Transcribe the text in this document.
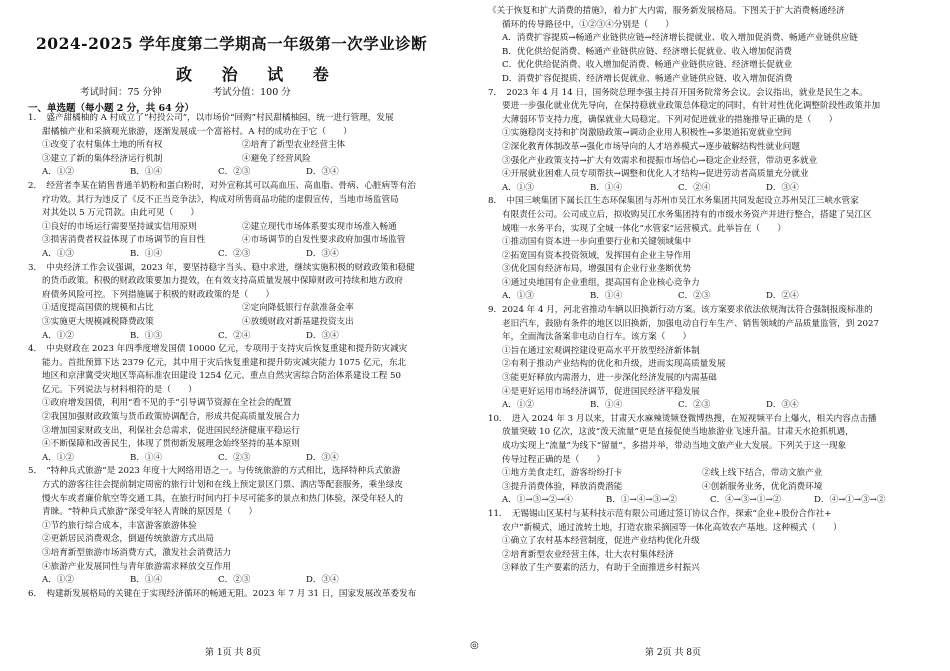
2024-2025 学年度第二学期高一年级第一次学业诊断
政 治 试 卷
考试时间：75 分钟	考试分值：100 分
一、单选题（每小题 2 分，共 64 分）

1．　盛产甜橘柚的 A 村成立了“村投公司”，以市场价“回购”村民甜橘柚园，统一进行管理，发展

甜橘柚产业和采摘观光旅游，逐渐发展成一个富裕村。A 村的成功在于它（　　）

①改变了农村集体土地的所有权	②培育了新型农业经营主体
③建立了新的集体经济运行机制	④避免了经营风险
A．①②	B．①④	C．②③	D．③④

2．　经营者李某在销售普通羊奶粉和蛋白粉时，对外宣称其可以高血压、高血脂、骨病、心脏病等有治

疗功效。其行为违反了《反不正当竞争法》，构成对所售商品功能的虚假宣传，当地市场监管局

对其处以 5 万元罚款。由此可见（　　）

①良好的市场运行需要坚持诚实信用原则	②建立现代市场体系要实现市场准入畅通
③损害消费者权益体现了市场调节的盲目性	④市场调节的自发性要求政府加强市场监管
A．①③	B．①④	C．②③	D．③④

3．　中央经济工作会议强调，2023 年，要坚持稳字当头、稳中求进，继续实施积极的财政政策和稳健

的货币政策。积极的财政政策要加力提效，在有效支持高质量发展中保障财政可持续和地方政府

府债务风险可控。下列措施属于积极的财政政策的是（　　）

①适度提高国债的规模和占比	②定向降低银行存款准备金率
③实施更大规模减税降费政策	④放缓财政对新基建投资支出
A．①②	B．①③	C．②④	D．③④

4．　中央财政在 2023 年四季度增发国债 10000 亿元，专项用于支持灾后恢复重建和提升防灾减灾

能力。首批预算下达 2379 亿元，其中用于灾后恢复重建和提升防灾减灾能力 1075 亿元，东北

地区和京津冀受灾地区等高标准农田建设 1254 亿元、重点自然灾害综合防治体系建设工程 50

亿元。下列说法与材料相符的是（　　）

①政府增发国债，利用“看不见的手”引导调节资源在全社会的配置

②我国加强财政政策与货币政策协调配合，形成共促高质量发展合力

③增加国家财政支出，利保社会总需求，促进国民经济健康平稳运行

④不断保障和改善民生，体现了贯彻新发展理念始终坚持的基本原则

A．①②	B．①④	C．②③	D．③④

5．　“特种兵式旅游”是 2023 年度十大网络用语之一。与传统旅游的方式相比，选择特种兵式旅游

方式的游客往往会提前制定周密的旅行计划和在线上预定景区门票、酒店等配套服务，乘坐绿皮

慢火车或者廉价航空等交通工具，在旅行时间内打卡尽可能多的景点和热门体验，深受年轻人的

青睐。“特种兵式旅游”深受年轻人青睐的原因是（　　）

①节约旅行综合成本，丰富游客旅游体验

②更新居民消费观念，倒逼传统旅游方式出局

③培育新型旅游市场消费方式，激发社会消费活力

④旅游产业发展同性与青年旅游需求释放交互作用

A．①②	B．①④	C．②③	D．③④

6．　构建新发展格局的关键在于实现经济循环的畅通无阻。2023 年 7 月 31 日，国家发展改革委发布

《关于恢复和扩大消费的措施》，着力扩大内需，服务新发展格局。下图关于扩大消费畅通经济

循环的传导路径中，①②③④分别是（　　）

A．消费扩容提质→畅通产业链供应链→经济增长提就业、收入增加促消费、畅通产业链供应链

B．优化供给促消费、畅通产业链供应链、经济增长促就业、收入增加促消费

C．优化供给促消费、收入增加促消费、畅通产业链供应链、经济增长促就业

D．消费扩容促提质、经济增长促就业、畅通产业链供应链、收入增加促消费

7．　2023 年 4 月 14 日，国务院总理李强主持召开国务院常务会议。会议指出，就业是民生之本。

要进一步强化就业优先导向，在保持稳就业政策总体稳定的同时，有针对性优化调整阶段性政策并加

大薄弱环节支持力度，确保就业大局稳定。下列对促进就业的措施推导正确的是（　　）

①实施稳岗支持和扩岗激励政策→调动企业用人积极性→多渠道拓宽就业空间

②深化教育体制改革→强化市场导向的人才培养模式→逐步破解结构性就业问题

③强化产业政策支持→扩大有效需求和提振市场信心→稳定企业经营，带动更多就业

④开展就业困难人员专项帮扶→调整和优化人才结构→促进劳动者高质量充分就业

A．①③	B．①④	C．②④	D．③④

8．　中国三峡集团下属长江生态环保集团与苏州市吴江水务集团共同发起设立苏州吴江三峡水管家

有限责任公司。公司成立后，拟收购吴江水务集团持有的市级水务资产并进行整合，搭建了吴江区

域唯一水务平台，实现了全城一体化“水管家”运营模式。此举旨在（　　）

①推动国有资本进一步向重要行业和关键领域集中

②拓宽国有资本投资领域，发挥国有企业主导作用

③优化国有经济布局，增强国有企业行业垄断优势

④通过央地国有企业重组，提高国有企业核心竞争力

A．①③	B．①④	C．②③	D．②④

9．2024 年 4 月，河北省推动车辆以旧换新行动方案。该方案要求依法依规淘汰符合强制报废标准的

老旧汽车，鼓励有条件的地区以旧换新，加强电动自行车生产、销售领域的产品质量监管，到 2027

年，全面淘汰备案非电动自行车。该方案（　　）

①旨在通过宏观调控建设更高水平开放型经济新体制

②有利于推动产业结构的优化和升级，进而实现高质量发展

③能更好释放内需潜力，进一步深化经济发展的内需基础

④是更好运用市场经济调节，促进国民经济平稳发展

A．①②	B．①④	C．②③	D．③④

10．　进入 2024 年 3 月以来，甘肃天水麻辣烫频登微博热搜，在短视频平台上爆火，相关内容点击播

放量突破 10 亿次，这波“泼天流量”更是直接促使当地旅游业飞速升温。甘肃天水抢抓机遇，

成功实现上“流量”为线下“留量”，多措并举，带动当地文旅产业大发展。下列关于这一现象

传导过程正确的是（　　）

①地方美食走红，游客纷纷打卡	②线上线下结合，带动文旅产业
③提升消费体验，释放消费潜能	④创新服务业务，优化消费环境
A．①→③→②→④	B．①→④→③→②	C．④→③→①→②	D．④→①→③→②

11．　无锡锡山区某村与某科技示范有限公司通过签订协议合作，探索“企业+股份合作社+

农户”新模式，通过流转土地，打造农旅采摘园等一体化高效农产基地。这种模式（　　）

①确立了农村基本经营制度，促进产业结构优化升级

②培育新型农业经营主体，壮大农村集体经济

③释放了生产要素的活力，有助于全面推进乡村振兴

第 1页 共 8页
◎
第 2页 共 8页
